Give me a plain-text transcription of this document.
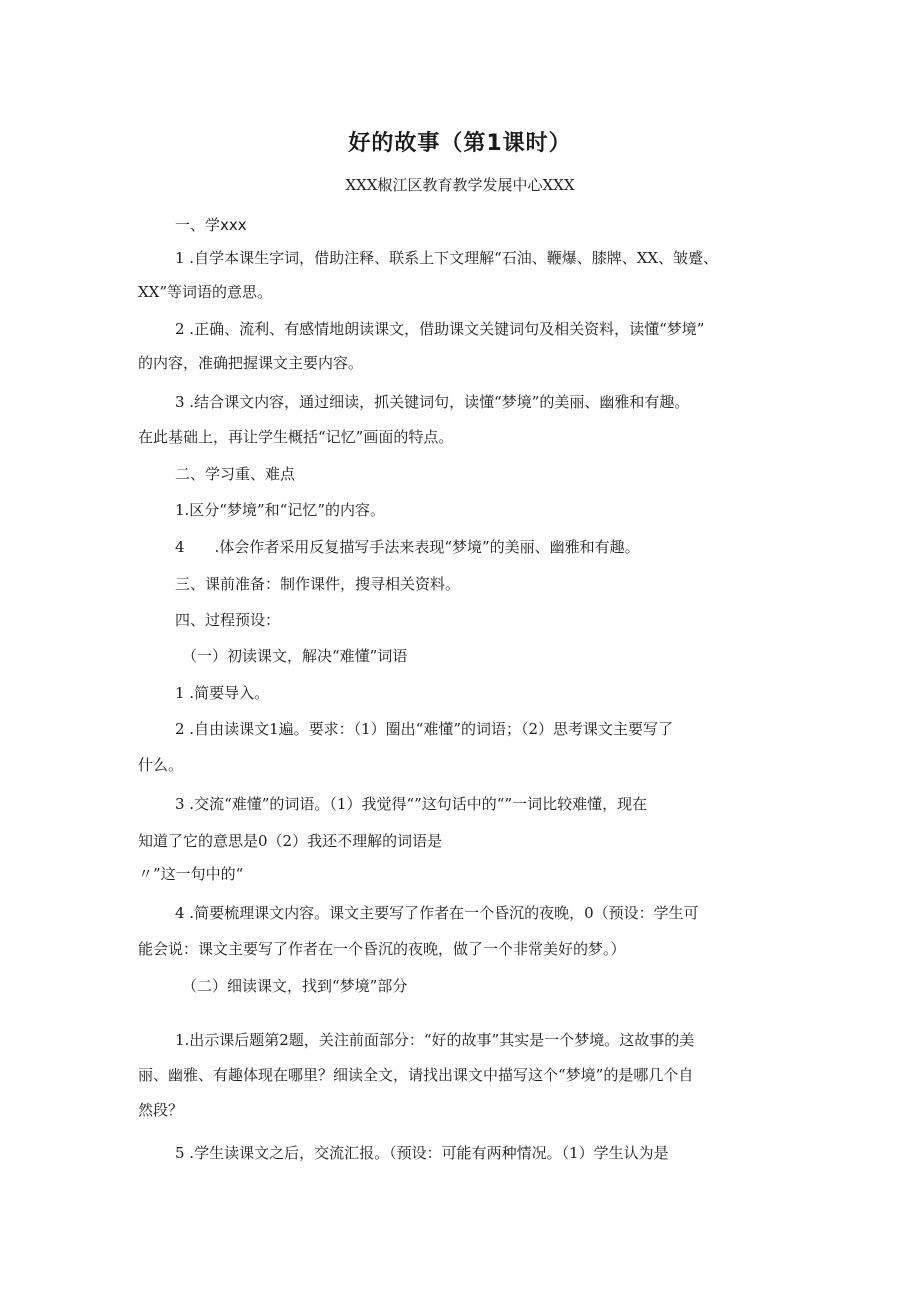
好的故事（第1课时）
XXX椒江区教育教学发展中心XXX
一、学xxx
1 .自学本课生字词，借助注释、联系上下文理解“石油、鞭爆、膝牌、XX、皱蹙、
XX”等词语的意思。
2 .正确、流利、有感情地朗读课文，借助课文关键词句及相关资料，读懂“梦境”
的内容，准确把握课文主要内容。
3 .结合课文内容，通过细读，抓关键词句，读懂“梦境”的美丽、幽雅和有趣。
在此基础上，再让学生概括“记忆”画面的特点。
二、学习重、难点
1.区分“梦境”和“记忆”的内容。
4　　.体会作者采用反复描写手法来表现“梦境”的美丽、幽雅和有趣。
三、课前准备：制作课件，搜寻相关资料。
四、过程预设：
（一）初读课文，解决“难懂”词语
1 .简要导入。
2 .自由读课文1遍。要求：（1）圈出“难懂”的词语；（2）思考课文主要写了
什么。
3 .交流“难懂”的词语。（1）我觉得“”这句话中的“”一词比较难懂，现在
知道了它的意思是0（2）我还不理解的词语是
〃”这一句中的“
4 .简要梳理课文内容。课文主要写了作者在一个昏沉的夜晚，0（预设：学生可
能会说：课文主要写了作者在一个昏沉的夜晚，做了一个非常美好的梦。）
（二）细读课文，找到“梦境”部分
1.出示课后题第2题，关注前面部分：“好的故事”其实是一个梦境。这故事的美
丽、幽雅、有趣体现在哪里？细读全文，请找出课文中描写这个“梦境”的是哪几个自
然段？
5 .学生读课文之后，交流汇报。（预设：可能有两种情况。（1）学生认为是
